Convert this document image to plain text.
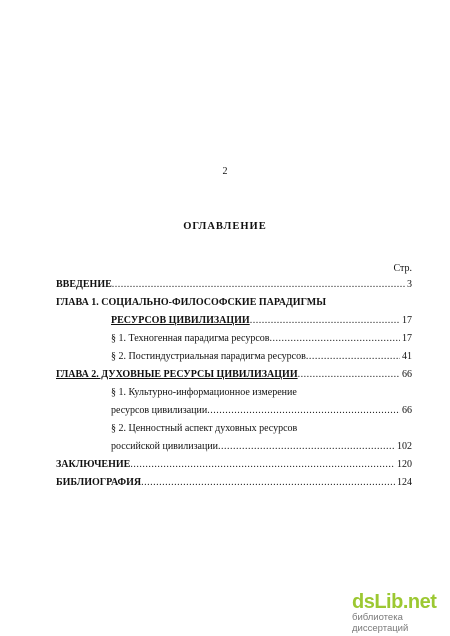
2
ОГЛАВЛЕНИЕ
Стр.
ВВЕДЕНИЕ .....	3
ГЛАВА 1. СОЦИАЛЬНО-ФИЛОСОФСКИЕ ПАРАДИГМЫ
РЕСУРСОВ ЦИВИЛИЗАЦИИ .....	17
§ 1. Техногенная парадигма ресурсов .....	17
§ 2. Постиндустриальная парадигма ресурсов .....	41
ГЛАВА 2. ДУХОВНЫЕ РЕСУРСЫ ЦИВИЛИЗАЦИИ .....	66
§ 1. Культурно-информационное измерение
ресурсов цивилизации .....	66
§ 2. Ценностный аспект духовных ресурсов
российской цивилизации .....	102
ЗАКЛЮЧЕНИЕ .....	120
БИБЛИОГРАФИЯ .....	124
dsLib.net
библиотека диссертаций
